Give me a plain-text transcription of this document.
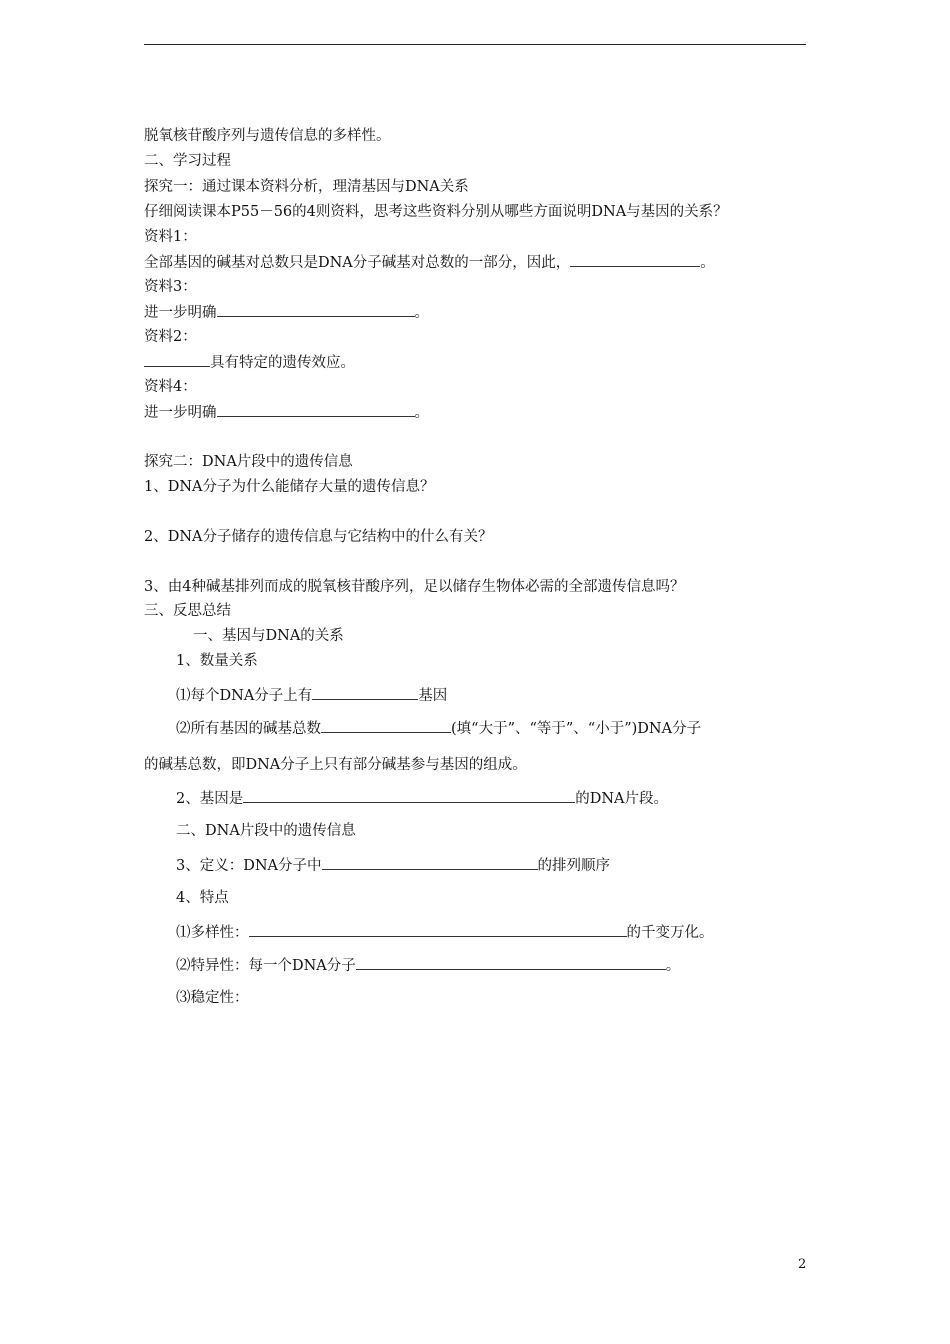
脱氧核苷酸序列与遗传信息的多样性。
二、学习过程
探究一：通过课本资料分析，理清基因与DNA关系
仔细阅读课本P55－56的4则资料，思考这些资料分别从哪些方面说明DNA与基因的关系？
资料1：
全部基因的碱基对总数只是DNA分子碱基对总数的一部分，因此，	。
资料3：
进一步明确	。
资料2：
具有特定的遗传效应。
资料4：
进一步明确	。
探究二：DNA片段中的遗传信息
1、DNA分子为什么能储存大量的遗传信息？
2、DNA分子储存的遗传信息与它结构中的什么有关？
3、由4种碱基排列而成的脱氧核苷酸序列，足以储存生物体必需的全部遗传信息吗？
三、反思总结
一、基因与DNA的关系
1、数量关系
⑴每个DNA分子上有	基因
⑵所有基因的碱基总数	(填“大于”、“等于”、“小于”)DNA分子
的碱基总数，即DNA分子上只有部分碱基参与基因的组成。
2、基因是	的DNA片段。
二、DNA片段中的遗传信息
3、定义：DNA分子中	的排列顺序
4、特点
⑴多样性：	的千变万化。
⑵特异性：每一个DNA分子	。
⑶稳定性：
2
